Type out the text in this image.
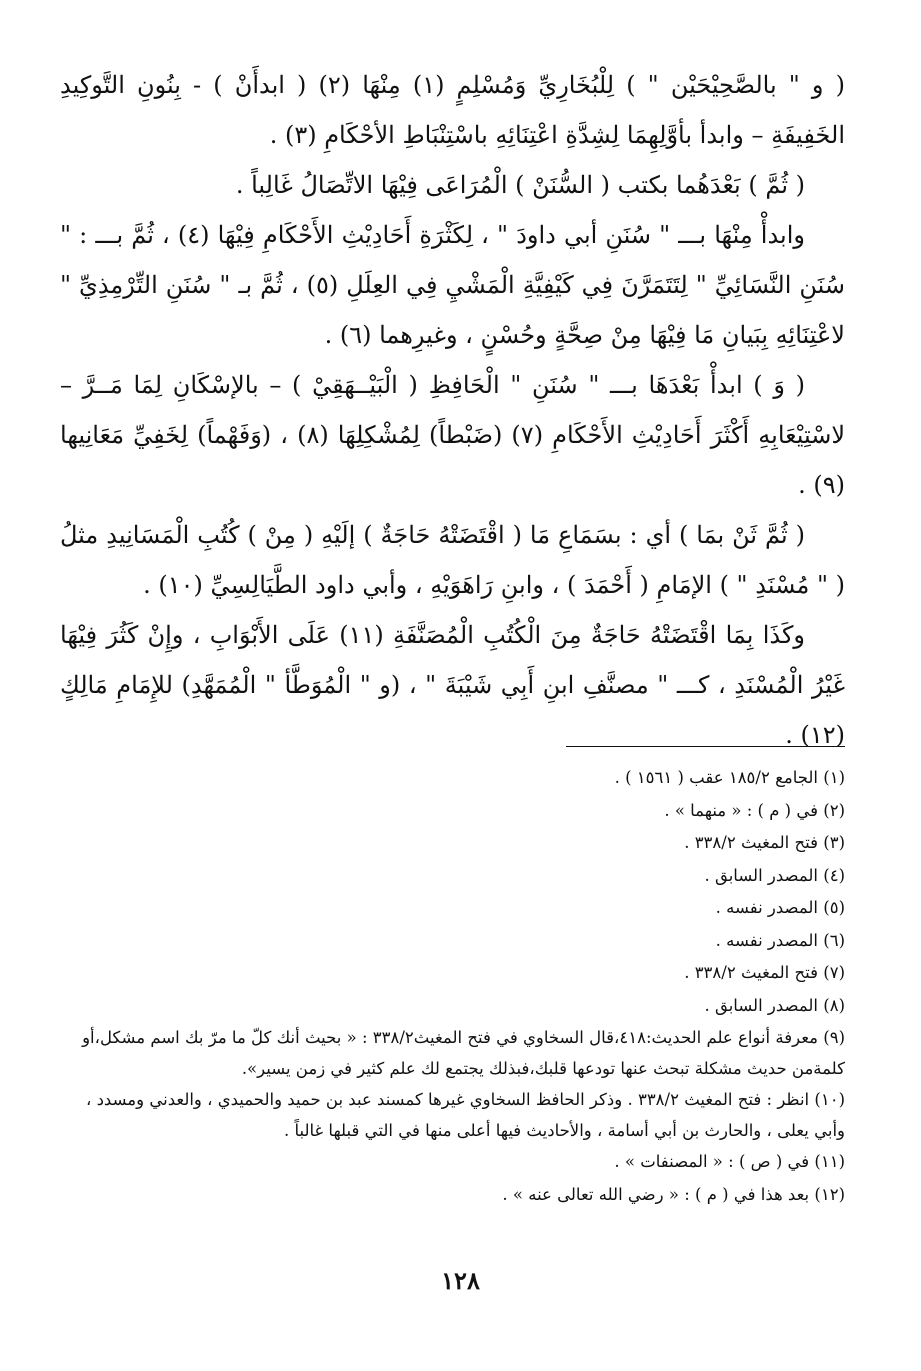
( و " بالصَّحِيْحَيْن " ) لِلْبُخَارِيِّ وَمُسْلِمٍ (١) مِنْهَا (٢) ( ابدأَنْ ) - بِنُونِ التَّوكِيدِ الخَفِيفَةِ – وابدأ بأوَّلِهِمَا لِشِدَّةِ اعْتِنَائِهِ باسْتِنْبَاطِ الأحْكَامِ (٣) .

( ثُمَّ ) بَعْدَهُما بكتب ( السُّنَنْ ) الْمُرَاعَى فِيْهَا الاتِّصَالُ غَالِباً .

وابدأْ مِنْهَا بـــ " سُنَنِ أبي داودَ " ، لِكَثْرَةِ أَحَادِيْثِ الأَحْكَامِ فِيْهَا (٤) ، ثُمَّ بـــ : " سُنَنِ النَّسَائِيِّ " لِتَتَمَرَّنَ فِي كَيْفِيَّةِ الْمَشْيِ فِي العِلَلِ (٥) ، ثُمَّ بـ " سُنَنِ التِّرْمِذِيِّ " لاعْتِنَائِهِ بِبَيانِ مَا فِيْهَا مِنْ صِحَّةٍ وحُسْنٍ ، وغيرِهما (٦) .

( وَ ) ابدأْ بَعْدَهَا بـــ " سُنَنِ " الْحَافِظِ ( الْبَيْــهَقِيْ ) – بالإسْكَانِ لِمَا مَــرَّ – لاسْتِيْعَابِهِ أَكْثَرَ أَحَادِيْثِ الأَحْكَامِ (٧) (ضَبْطاً) لِمُشْكِلِهَا (٨) ، (وَفَهْماً) لِخَفِيِّ مَعَانِيها (٩) .

( ثُمَّ ثَنْ بمَا ) أي : بسَمَاعِ مَا ( اقْتَضَتْهُ حَاجَةٌ ) إلَيْهِ ( مِنْ ) كُتُبِ الْمَسَانِيدِ مثلُ ( " مُسْنَدِ " ) الإمَامِ ( أَحْمَدَ ) ، وابنِ رَاهَوَيْهِ ، وأبي داود الطَّيَالِسِيِّ (١٠) .

وكَذَا بِمَا اقْتَضَتْهُ حَاجَةٌ مِنَ الْكُتُبِ الْمُصَنَّفَةِ (١١) عَلَى الأَبْوَابِ ، وإِنْ كَثُرَ فِيْهَا غَيْرُ الْمُسْنَدِ ، كـــ " مصنَّفِ ابنِ أَبِي شَيْبَةَ " ، (و " الْمُوَطَّأ " الْمُمَهَّدِ) للإِمَامِ مَالِكٍ (١٢) .

(١) الجامع ١٨٥/٢ عقب ( ١٥٦١ ) .

(٢) في ( م ) : « منهما » .

(٣) فتح المغيث ٣٣٨/٢ .

(٤) المصدر السابق .

(٥) المصدر نفسه .

(٦) المصدر نفسه .

(٧) فتح المغيث ٣٣٨/٢ .

(٨) المصدر السابق .

(٩) معرفة أنواع علم الحديث:٤١٨،قال السخاوي في فتح المغيث٣٣٨/٢ : « بحيث أنك كلّ ما مرّ بك اسم مشكل،أو كلمةمن حديث مشكلة تبحث عنها تودعها قلبك،فبذلك يجتمع لك علم كثير في زمن يسير».

(١٠) انظر : فتح المغيث ٣٣٨/٢ . وذكر الحافظ السخاوي غيرها كمسند عبد بن حميد والحميدي ، والعدني ومسدد ، وأبي يعلى ، والحارث بن أبي أسامة ، والأحاديث فيها أعلى منها في التي قبلها غالباً .

(١١) في ( ص ) : « المصنفات » .

(١٢) بعد هذا في ( م ) : « رضي الله تعالى عنه » .

١٢٨
